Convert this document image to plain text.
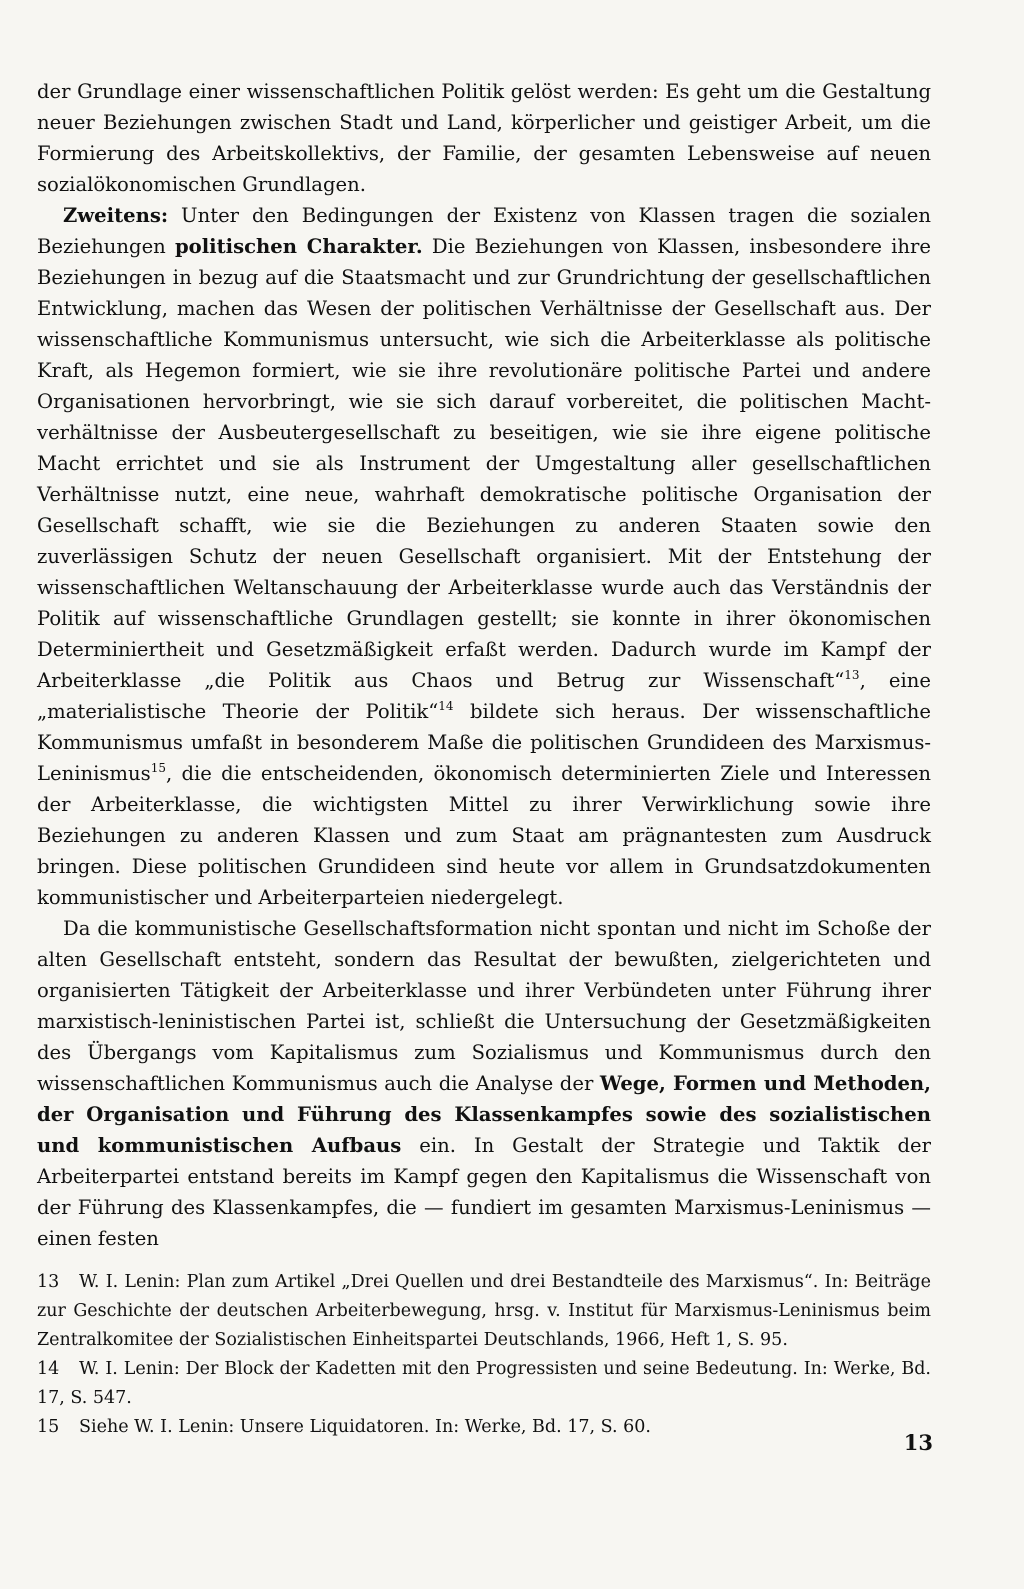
der Grundlage einer wissenschaftlichen Politik gelöst werden: Es geht um die Gestaltung neuer Beziehungen zwischen Stadt und Land, körperlicher und geistiger Arbeit, um die Formierung des Arbeitskollektivs, der Familie, der gesamten Lebensweise auf neuen sozialökonomischen Grundlagen.

Zweitens: Unter den Bedingungen der Existenz von Klassen tragen die sozialen Beziehungen politischen Charakter. Die Beziehungen von Klassen, insbesondere ihre Beziehungen in bezug auf die Staatsmacht und zur Grundrichtung der gesellschaftlichen Entwicklung, machen das Wesen der politischen Verhältnisse der Gesellschaft aus. Der wissenschaftliche Kommunismus untersucht, wie sich die Arbeiterklasse als politische Kraft, als Hegemon formiert, wie sie ihre revolutionäre politische Partei und andere Organisationen hervorbringt, wie sie sich darauf vorbereitet, die politischen Machtverhältnisse der Ausbeutergesellschaft zu beseitigen, wie sie ihre eigene politische Macht errichtet und sie als Instrument der Umgestaltung aller gesellschaftlichen Verhältnisse nutzt, eine neue, wahrhaft demokratische politische Organisation der Gesellschaft schafft, wie sie die Beziehungen zu anderen Staaten sowie den zuverlässigen Schutz der neuen Gesellschaft organisiert. Mit der Entstehung der wissenschaftlichen Weltanschauung der Arbeiterklasse wurde auch das Verständnis der Politik auf wissenschaftliche Grundlagen gestellt; sie konnte in ihrer ökonomischen Determiniertheit und Gesetzmäßigkeit erfaßt werden. Dadurch wurde im Kampf der Arbeiterklasse „die Politik aus Chaos und Betrug zur Wissenschaft“$^{13}$, eine „materialistische Theorie der Politik“$^{14}$ bildete sich heraus. Der wissenschaftliche Kommunismus umfaßt in besonderem Maße die politischen Grundideen des Marxismus-Leninismus$^{15}$, die die entscheidenden, ökonomisch determinierten Ziele und Interessen der Arbeiterklasse, die wichtigsten Mittel zu ihrer Verwirklichung sowie ihre Beziehungen zu anderen Klassen und zum Staat am prägnantesten zum Ausdruck bringen. Diese politischen Grundideen sind heute vor allem in Grundsatzdokumenten kommunistischer und Arbeiterparteien niedergelegt.

Da die kommunistische Gesellschaftsformation nicht spontan und nicht im Schoße der alten Gesellschaft entsteht, sondern das Resultat der bewußten, zielgerichteten und organisierten Tätigkeit der Arbeiterklasse und ihrer Verbündeten unter Führung ihrer marxistisch-leninistischen Partei ist, schließt die Untersuchung der Gesetzmäßigkeiten des Übergangs vom Kapitalismus zum Sozialismus und Kommunismus durch den wissenschaftlichen Kommunismus auch die Analyse der Wege, Formen und Methoden, der Organisation und Führung des Klassenkampfes sowie des sozialistischen und kommunistischen Aufbaus ein. In Gestalt der Strategie und Taktik der Arbeiterpartei entstand bereits im Kampf gegen den Kapitalismus die Wissenschaft von der Führung des Klassenkampfes, die — fundiert im gesamten Marxismus-Leninismus — einen festen

13 W. I. Lenin: Plan zum Artikel „Drei Quellen und drei Bestandteile des Marxismus“. In: Beiträge zur Geschichte der deutschen Arbeiterbewegung, hrsg. v. Institut für Marxismus-Leninismus beim Zentralkomitee der Sozialistischen Einheitspartei Deutschlands, 1966, Heft 1, S. 95.

14 W. I. Lenin: Der Block der Kadetten mit den Progressisten und seine Bedeutung. In: Werke, Bd. 17, S. 547.

15 Siehe W. I. Lenin: Unsere Liquidatoren. In: Werke, Bd. 17, S. 60.

13
